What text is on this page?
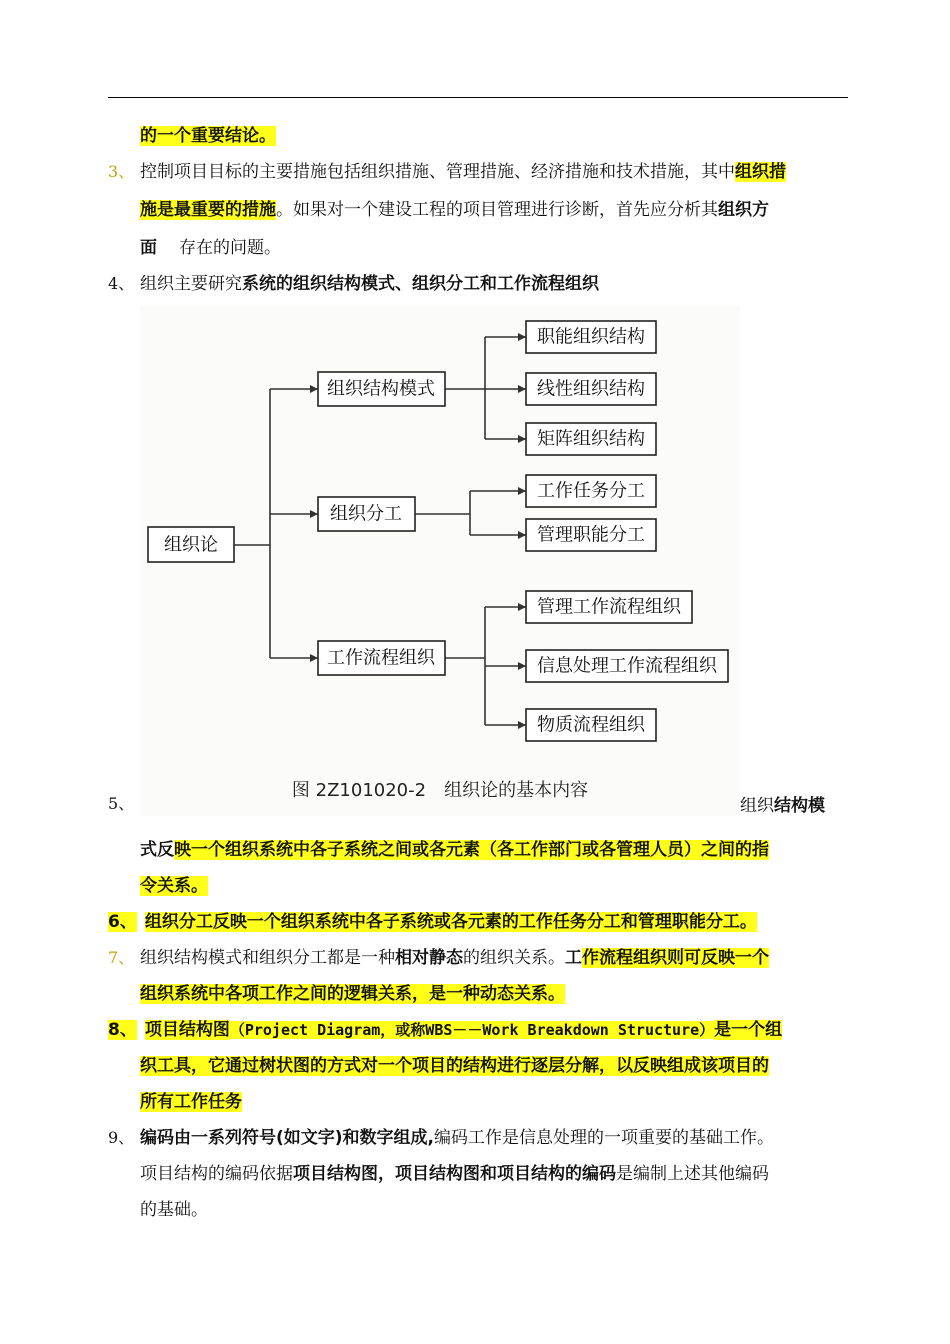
的一个重要结论。
3、 控制项目目标的主要措施包括组织措施、管理措施、经济措施和技术措施，其中组织措
施是最重要的措施。如果对一个建设工程的项目管理进行诊断，首先应分析其组织方
面 存在的问题。
4、 组织主要研究系统的组织结构模式、组织分工和工作流程组织
组织论
组织结构模式
组织分工
工作流程组织
职能组织结构
线性组织结构
矩阵组织结构
工作任务分工
管理职能分工
管理工作流程组织
信息处理工作流程组织
物质流程组织
图 2Z101020-2　组织论的基本内容
5、	组织结构模
式反映一个组织系统中各子系统之间或各元素（各工作部门或各管理人员）之间的指
令关系。
6、 组织分工反映一个组织系统中各子系统或各元素的工作任务分工和管理职能分工。
7、 组织结构模式和组织分工都是一种相对静态的组织关系。工作流程组织则可反映一个
组织系统中各项工作之间的逻辑关系，是一种动态关系。
8、 项目结构图（Project Diagram，或称WBS－－Work Breakdown Structure）是一个组
织工具，它通过树状图的方式对一个项目的结构进行逐层分解，以反映组成该项目的
所有工作任务
9、 编码由一系列符号(如文字)和数字组成,编码工作是信息处理的一项重要的基础工作。
项目结构的编码依据项目结构图，项目结构图和项目结构的编码是编制上述其他编码
的基础。
